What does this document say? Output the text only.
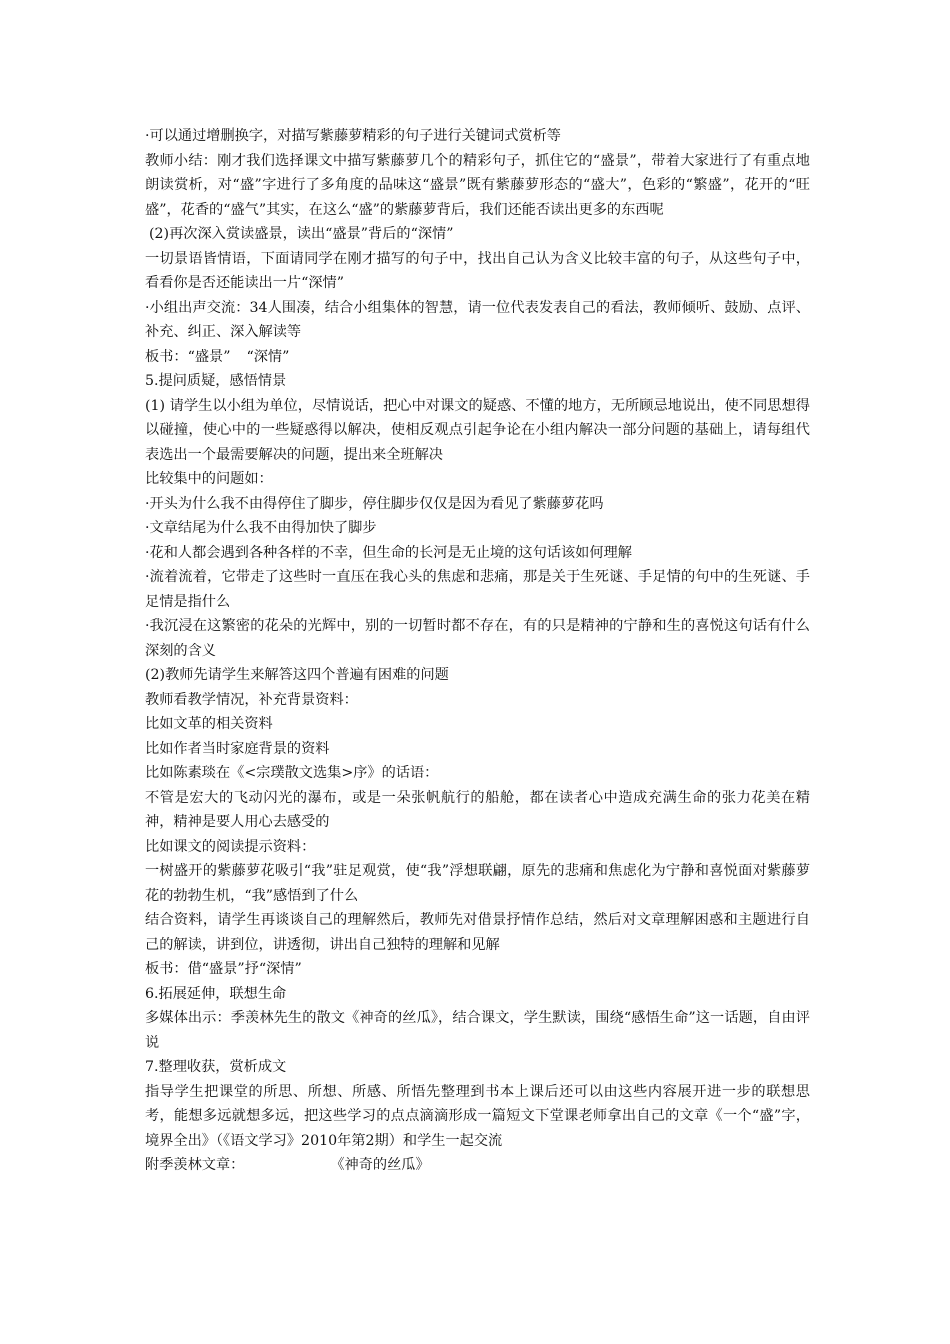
·可以通过增删换字，对描写紫藤萝精彩的句子进行关键词式赏析等

教师小结：刚才我们选择课文中描写紫藤萝几个的精彩句子，抓住它的“盛景”，带着大家进行了有重点地朗读赏析，对“盛”字进行了多角度的品味这“盛景”既有紫藤萝形态的“盛大”，色彩的“繁盛”，花开的“旺盛”，花香的“盛气”其实，在这么“盛”的紫藤萝背后，我们还能否读出更多的东西呢

(2)再次深入赏读盛景，读出“盛景”背后的“深情”

一切景语皆情语，下面请同学在刚才描写的句子中，找出自己认为含义比较丰富的句子，从这些句子中，看看你是否还能读出一片“深情”

·小组出声交流：34人围凑，结合小组集体的智慧，请一位代表发表自己的看法，教师倾听、鼓励、点评、补充、纠正、深入解读等

板书：“盛景” “深情”

5.提问质疑，感悟情景

(1) 请学生以小组为单位，尽情说话，把心中对课文的疑惑、不懂的地方，无所顾忌地说出，使不同思想得以碰撞，使心中的一些疑惑得以解决，使相反观点引起争论在小组内解决一部分问题的基础上，请每组代表选出一个最需要解决的问题，提出来全班解决

比较集中的问题如：

·开头为什么我不由得停住了脚步，停住脚步仅仅是因为看见了紫藤萝花吗

·文章结尾为什么我不由得加快了脚步

·花和人都会遇到各种各样的不幸，但生命的长河是无止境的这句话该如何理解

·流着流着，它带走了这些时一直压在我心头的焦虑和悲痛，那是关于生死谜、手足情的句中的生死谜、手足情是指什么

·我沉浸在这繁密的花朵的光辉中，别的一切暂时都不存在，有的只是精神的宁静和生的喜悦这句话有什么深刻的含义

(2)教师先请学生来解答这四个普遍有困难的问题

教师看教学情况，补充背景资料：

比如文革的相关资料

比如作者当时家庭背景的资料

比如陈素琰在《<宗璞散文选集>序》的话语：

不管是宏大的飞动闪光的瀑布，或是一朵张帆航行的船舱，都在读者心中造成充满生命的张力花美在精神，精神是要人用心去感受的

比如课文的阅读提示资料：

一树盛开的紫藤萝花吸引“我”驻足观赏，使“我”浮想联翩，原先的悲痛和焦虑化为宁静和喜悦面对紫藤萝花的勃勃生机，“我”感悟到了什么

结合资料，请学生再谈谈自己的理解然后，教师先对借景抒情作总结，然后对文章理解困惑和主题进行自己的解读，讲到位，讲透彻，讲出自己独特的理解和见解

板书：借“盛景”抒“深情”

6.拓展延伸，联想生命

多媒体出示：季羡林先生的散文《神奇的丝瓜》，结合课文，学生默读，围绕“感悟生命”这一话题，自由评说

7.整理收获，赏析成文

指导学生把课堂的所思、所想、所感、所悟先整理到书本上课后还可以由这些内容展开进一步的联想思考，能想多远就想多远，把这些学习的点点滴滴形成一篇短文下堂课老师拿出自己的文章《一个“盛”字，境界全出》（《语文学习》2010年第2期）和学生一起交流

附季羡林文章：	《神奇的丝瓜》
